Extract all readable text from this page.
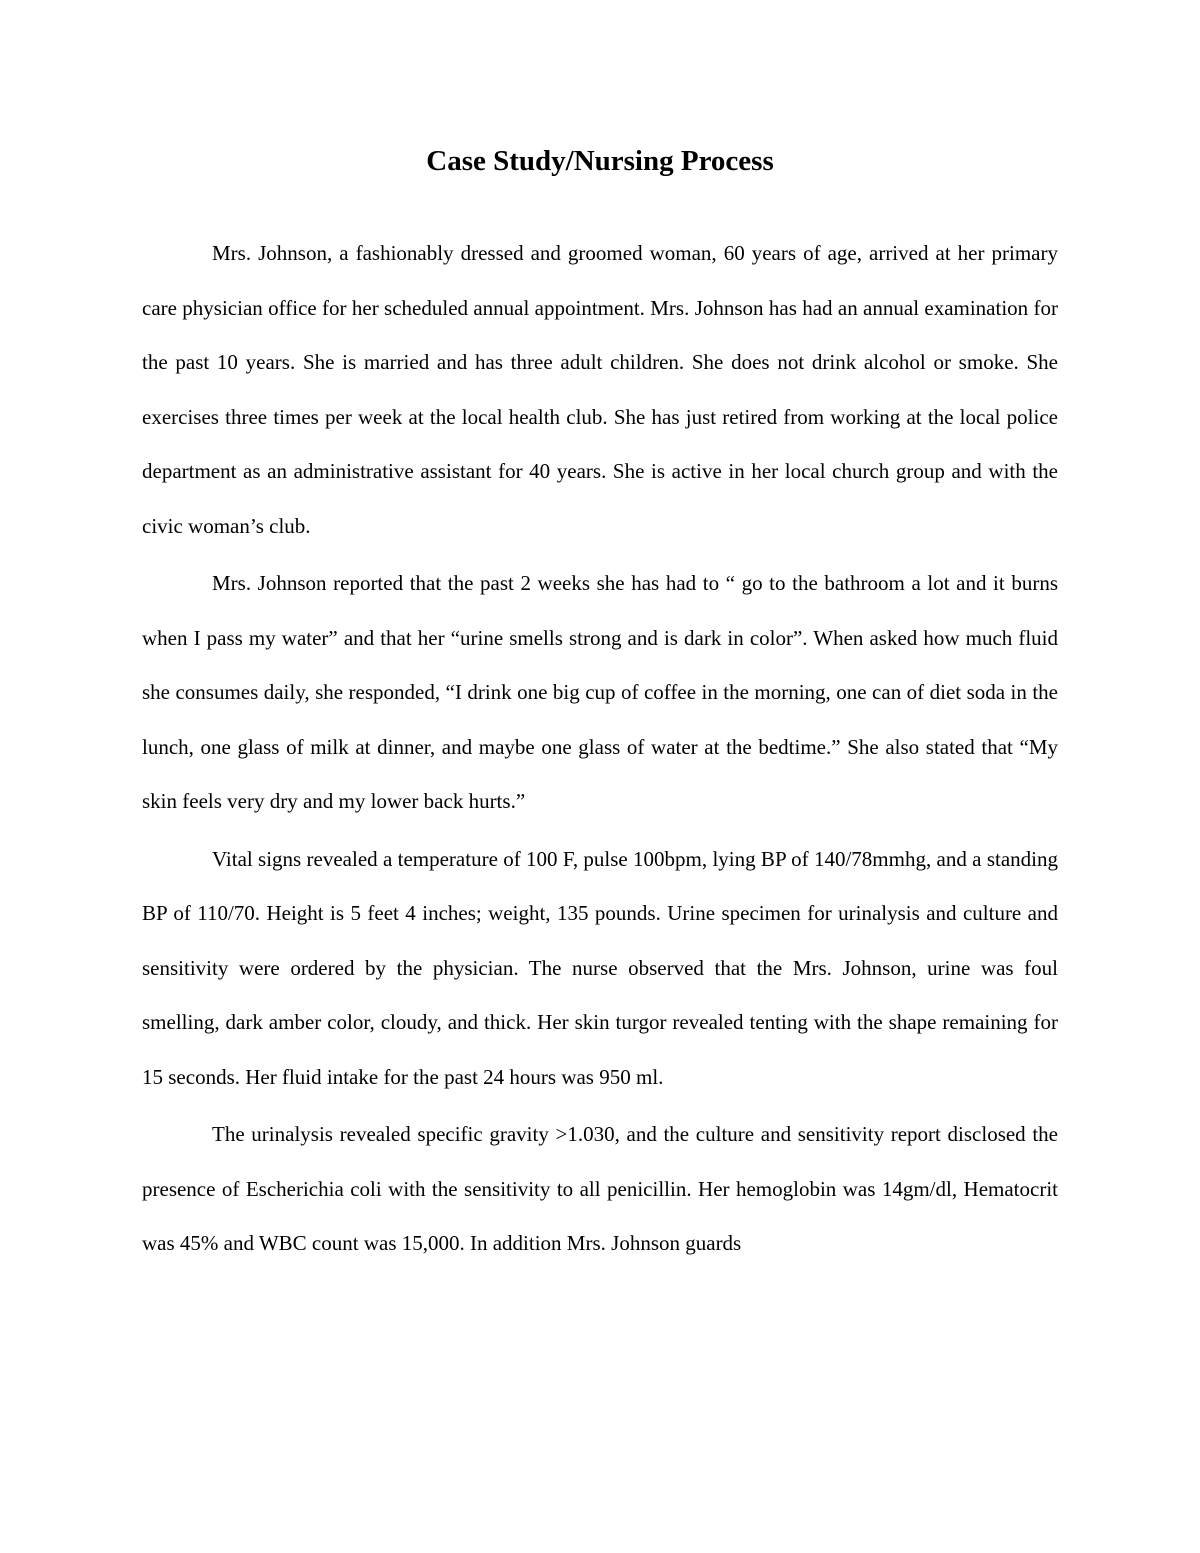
Case Study/Nursing Process

Mrs. Johnson, a fashionably dressed and groomed woman, 60 years of age, arrived at her primary care physician office for her scheduled annual appointment. Mrs. Johnson has had an annual examination for the past 10 years. She is married and has three adult children. She does not drink alcohol or smoke. She exercises three times per week at the local health club. She has just retired from working at the local police department as an administrative assistant for 40 years. She is active in her local church group and with the civic woman’s club.

Mrs. Johnson reported that the past 2 weeks she has had to “ go to the bathroom a lot and it burns when I pass my water” and that her “urine smells strong and is dark in color”. When asked how much fluid she consumes daily, she responded, “I drink one big cup of coffee in the morning, one can of diet soda in the lunch, one glass of milk at dinner, and maybe one glass of water at the bedtime.” She also stated that “My skin feels very dry and my lower back hurts.”

Vital signs revealed a temperature of 100 F, pulse 100bpm, lying BP of 140/78mmhg, and a standing BP of 110/70. Height is 5 feet 4 inches; weight, 135 pounds. Urine specimen for urinalysis and culture and sensitivity were ordered by the physician. The nurse observed that the Mrs. Johnson, urine was foul smelling, dark amber color, cloudy, and thick. Her skin turgor revealed tenting with the shape remaining for 15 seconds. Her fluid intake for the past 24 hours was 950 ml.

The urinalysis revealed specific gravity >1.030, and the culture and sensitivity report disclosed the presence of Escherichia coli with the sensitivity to all penicillin. Her hemoglobin was 14gm/dl, Hematocrit was 45% and WBC count was 15,000. In addition Mrs. Johnson guards
